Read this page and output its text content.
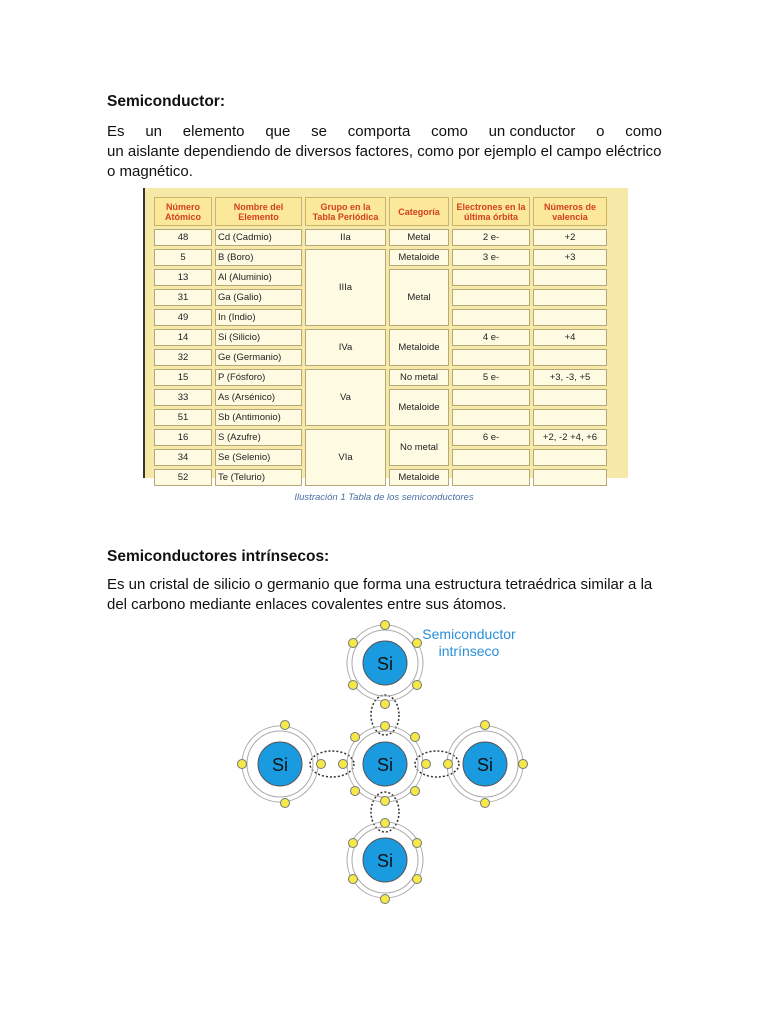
Semiconductor:
Es un elemento que se comporta como un conductor o como
un aislante dependiendo de diversos factores, como por ejemplo el campo eléctrico
o magnético.
Número Atómico	Nombre del Elemento	Grupo en la Tabla Periódica	Categoría	Electrones en la última órbita	Números de valencia
48	Cd (Cadmio)	IIa	Metal	2 e-	+2
5	B (Boro)	IIIa	Metaloide	3 e-	+3
13	Al (Aluminio)		Metal		
31	Ga (Galio)				
49	In (Indio)				
14	Si (Silicio)	IVa	Metaloide	4 e-	+4
32	Ge (Germanio)				
15	P (Fósforo)	Va	No metal	5 e-	+3, -3, +5
33	As (Arsénico)		Metaloide		
51	Sb (Antimonio)				
16	S (Azufre)	VIa	No metal	6 e-	+2, -2 +4, +6
34	Se (Selenio)				
52	Te (Telurio)		Metaloide		
Ilustración 1 Tabla de los semiconductores
Semiconductores intrínsecos:
Es un cristal de silicio o germanio que forma una estructura tetraédrica similar a la
del carbono mediante enlaces covalentes entre sus átomos.
Si
Si
Si	Si
Si
Semiconductor
intrínseco
